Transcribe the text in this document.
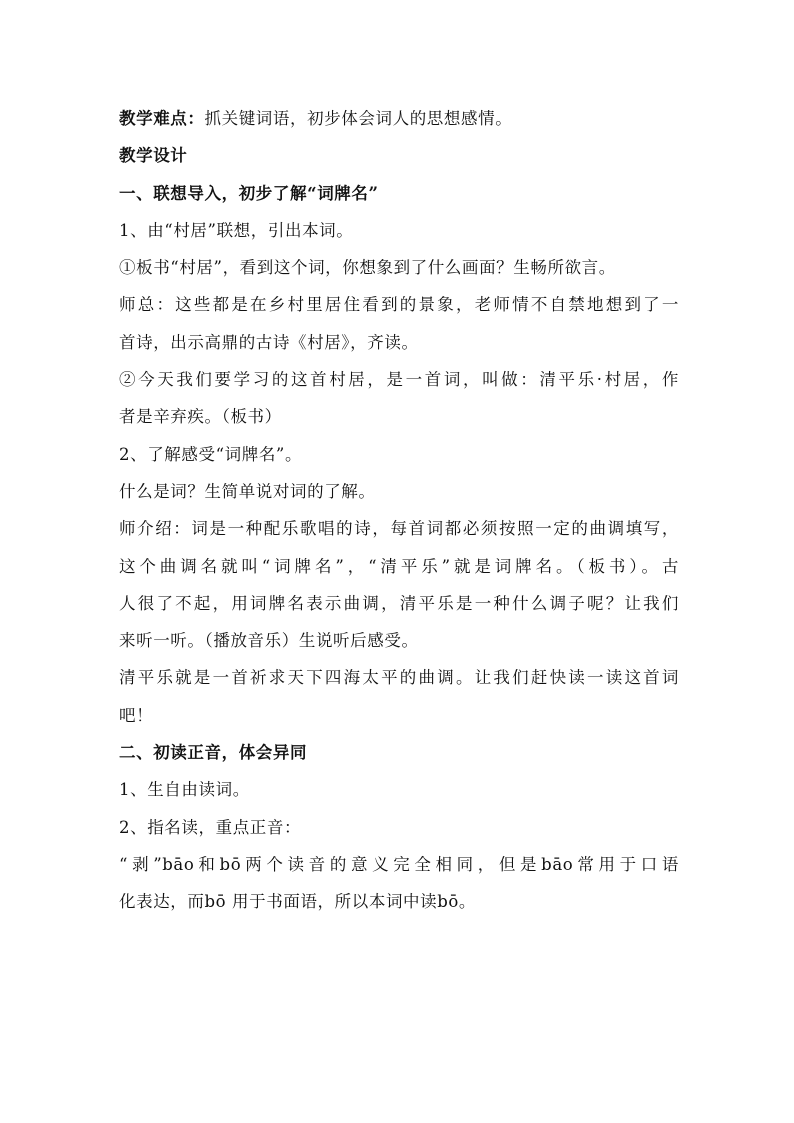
教学难点：抓关键词语，初步体会词人的思想感情。
教学设计
一、联想导入，初步了解“词牌名”
1、由“村居”联想，引出本词。
①板书“村居”，看到这个词，你想象到了什么画面？生畅所欲言。
师总：这些都是在乡村里居住看到的景象，老师情不自禁地想到了一
首诗，出示高鼎的古诗《村居》，齐读。
②今天我们要学习的这首村居，是一首词，叫做：清平乐·村居，作
者是辛弃疾。（板书）
2、了解感受“词牌名”。
什么是词？生简单说对词的了解。
师介绍：词是一种配乐歌唱的诗，每首词都必须按照一定的曲调填写，
这个曲调名就叫“词牌名”，“清平乐”就是词牌名。（板书）。古
人很了不起，用词牌名表示曲调，清平乐是一种什么调子呢？让我们
来听一听。（播放音乐）生说听后感受。
清平乐就是一首祈求天下四海太平的曲调。让我们赶快读一读这首词
吧！
二、初读正音，体会异同
1、生自由读词。
2、指名读，重点正音：
“剥”bāo和bō两个读音的意义完全相同，但是bāo常用于口语
化表达，而bō 用于书面语，所以本词中读bō。
